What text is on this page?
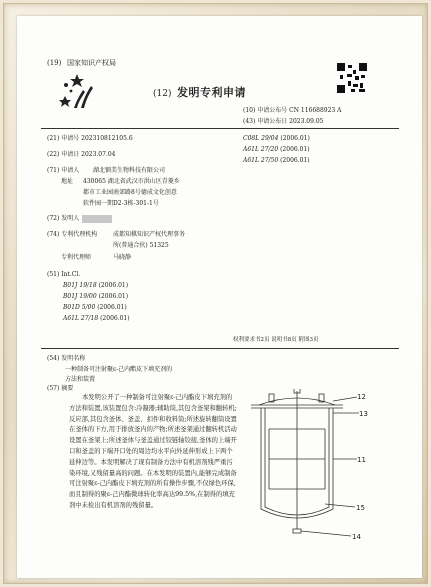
(19) 国家知识产权局
(12) 发明专利申请
(10) 申请公布号 CN 116688923 A
(43) 申请公布日 2023.09.05
(21) 申请号 202310812105.6
(22) 申请日 2023.07.04
(71) 申请人 湖北铟美生物科技有限公司
地址 430065 湖北省武汉市洪山区青菱乡
都市工业园南郊路8号德成文化创意
软件园一期D2-3栋-301-1号
(72) 发明人
(74) 专利代理机构	成都知棋知识产权代理事务
所(普通合伙) 51325
专利代理师	马晓静
(51) Int.Cl.
B01J 19/18 (2006.01)
B01J 19/00 (2006.01)
B01D 5/00 (2006.01)
A61L 27/18 (2006.01)
C08L 29/04 (2006.01)
A61L 27/20 (2006.01)
A61L 27/50 (2006.01)
权利要求书2页 说明书8页 附图3页
(54) 发明名称
一种制备可注射聚ε-己内酯皮下填充剂的
方法和装置
(57) 摘要
本发明公开了一种制备可注射聚ε-己内酯皮下填充剂的方法和装置,该装置包含:冷凝器;辅助筒,其包含釜架和翻转机;反应部,其包含釜体、釜盖、扣件和收料筒;所述旋转翻筒设置在釜体的下方,用于排放釜内的产物;所述釜架通过翻转机活动设置在釜架上;所述釜体与釜盖通过铰链轴铰接,釜体的上端开口和釜盖的下端开口处的周边均水平向外延伸形成上下两个延伸边等。本发明解决了现有制备方法中有机溶剂残严重污染环境,又残留量高的问题。在本发明的装置内,能够完成制备可注射聚ε-己内酯皮下填充剂的所有操作步骤,不仅绿色环保,而且制得的聚ε-己内酯微球转化率高达99.5%,在制得的填充剂中未检出有机溶剂的残留量。
12
13
11
15
14
